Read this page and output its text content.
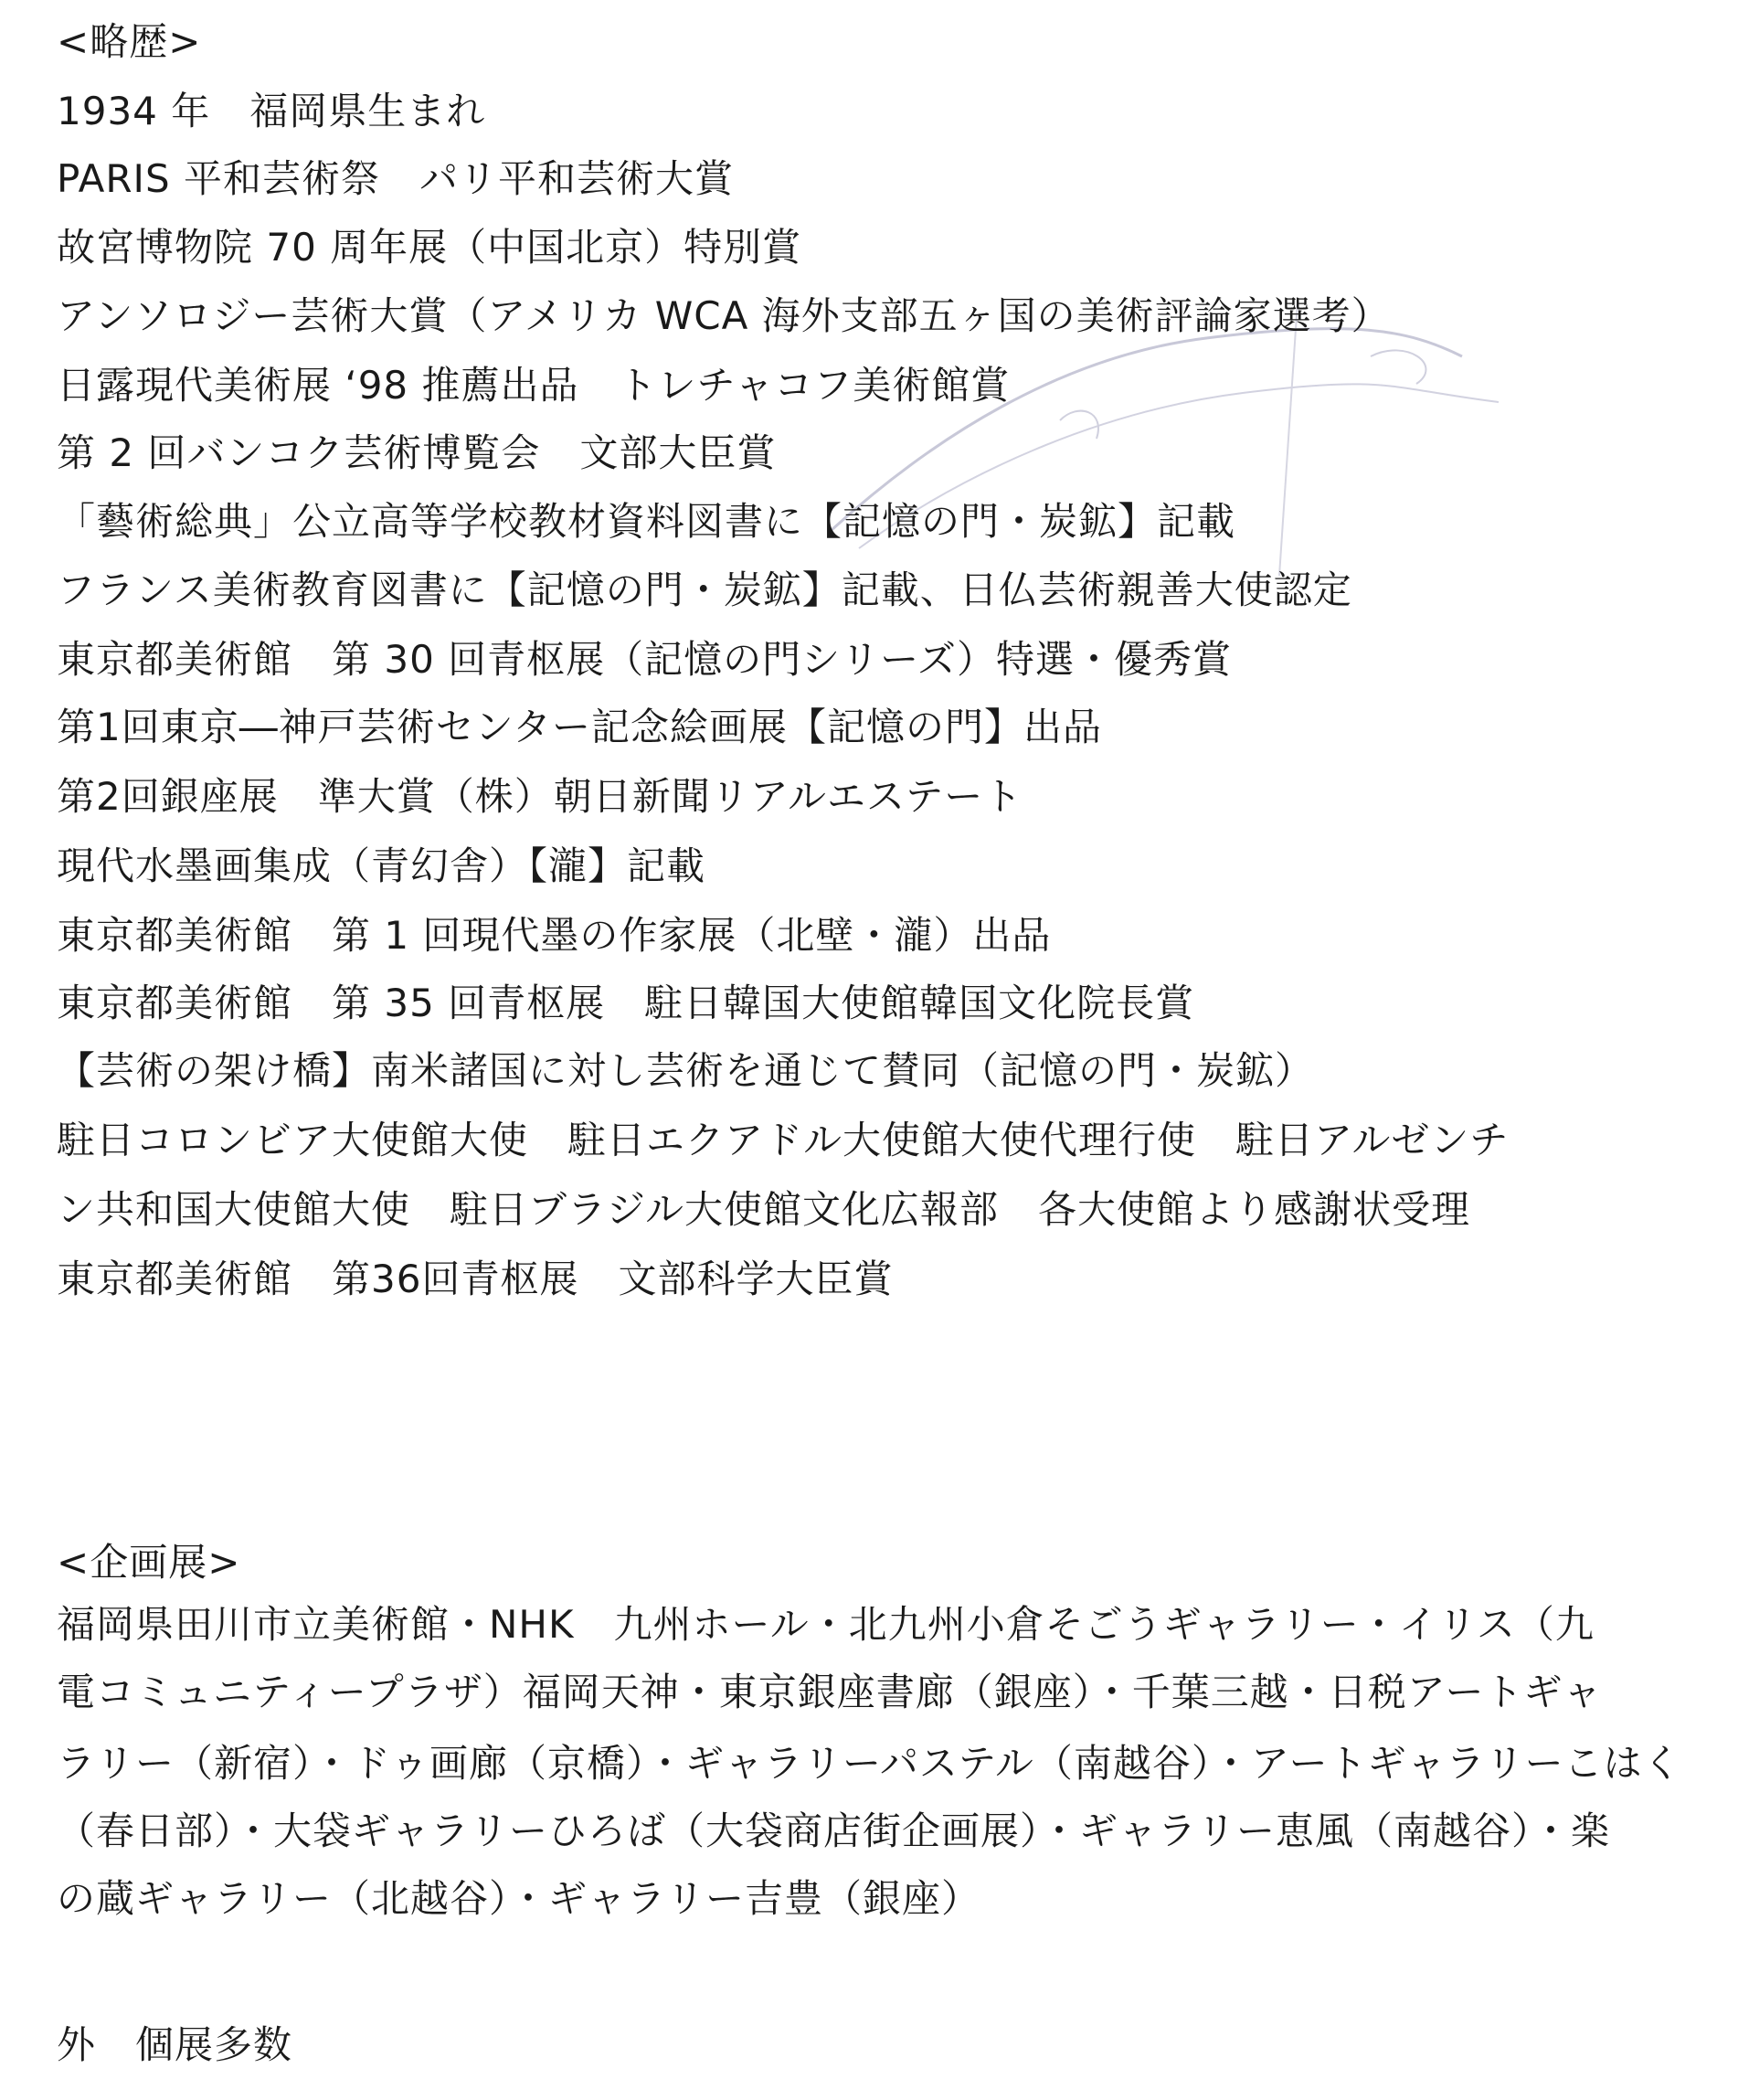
<略歴>
1934 年　福岡県生まれ
PARIS 平和芸術祭　パリ平和芸術大賞
故宮博物院 70 周年展（中国北京）特別賞
アンソロジー芸術大賞（アメリカ WCA 海外支部五ヶ国の美術評論家選考）
日露現代美術展 ‘98 推薦出品　トレチャコフ美術館賞
第 2 回バンコク芸術博覧会　文部大臣賞
「藝術総典」公立高等学校教材資料図書に【記憶の門・炭鉱】記載
フランス美術教育図書に【記憶の門・炭鉱】記載、日仏芸術親善大使認定
東京都美術館　第 30 回青枢展（記憶の門シリーズ）特選・優秀賞
第1回東京―神戸芸術センター記念絵画展【記憶の門】出品
第2回銀座展　準大賞（株）朝日新聞リアルエステート
現代水墨画集成（青幻舎）【瀧】記載
東京都美術館　第 1 回現代墨の作家展（北壁・瀧）出品
東京都美術館　第 35 回青枢展　駐日韓国大使館韓国文化院長賞
【芸術の架け橋】南米諸国に対し芸術を通じて賛同（記憶の門・炭鉱）
駐日コロンビア大使館大使　駐日エクアドル大使館大使代理行使　駐日アルゼンチ
ン共和国大使館大使　駐日ブラジル大使館文化広報部　各大使館より感謝状受理
東京都美術館　第36回青枢展　文部科学大臣賞
<企画展>
福岡県田川市立美術館・NHK　九州ホール・北九州小倉そごうギャラリー・イリス（九
電コミュニティープラザ）福岡天神・東京銀座書廊（銀座）・千葉三越・日税アートギャ
ラリー（新宿）・ドゥ画廊（京橋）・ギャラリーパステル（南越谷）・アートギャラリーこはく
（春日部）・大袋ギャラリーひろば（大袋商店街企画展）・ギャラリー恵風（南越谷）・楽
の蔵ギャラリー（北越谷）・ギャラリー吉豊（銀座）
外　個展多数
